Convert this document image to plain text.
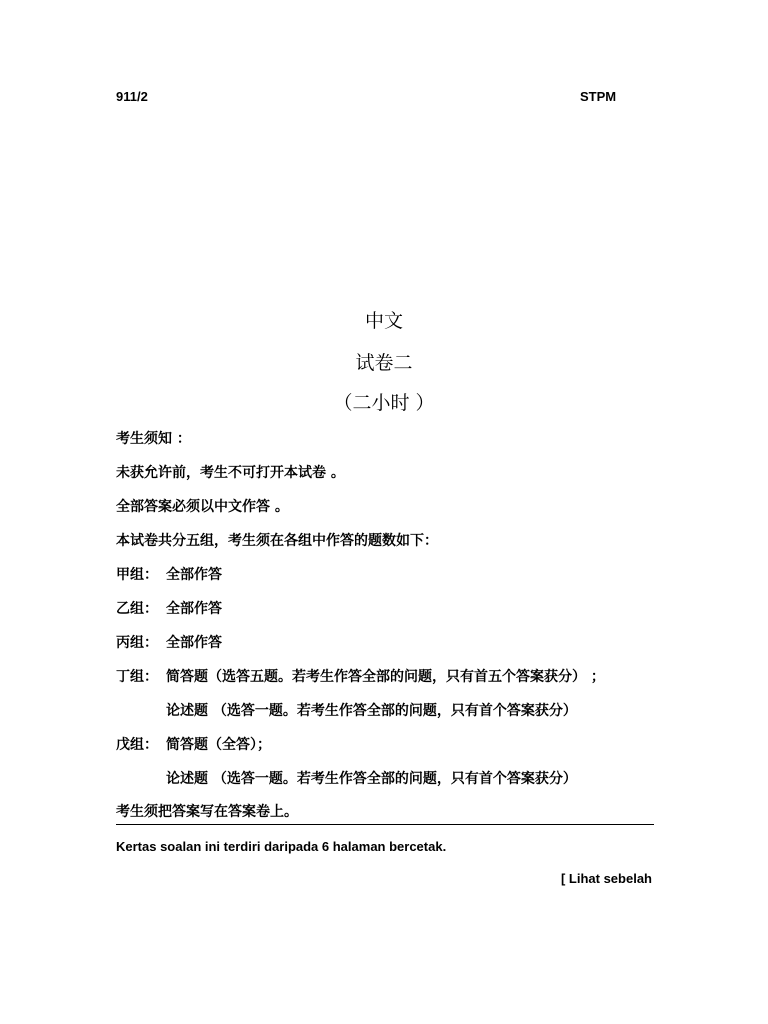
911/2	STPM
中文
试卷二
（二小时 ）
考生须知 ：
未获允许前，考生不可打开本试卷 。
全部答案必须以中文作答 。
本试卷共分五组，考生须在各组中作答的题数如下：
甲组： 全部作答
乙组： 全部作答
丙组： 全部作答
丁组： 简答题（选答五题。若考生作答全部的问题，只有首五个答案获分） ；
论述题 （选答一题。若考生作答全部的问题，只有首个答案获分）
戊组： 简答题（全答）；
论述题 （选答一题。若考生作答全部的问题，只有首个答案获分）
考生须把答案写在答案卷上。
Kertas soalan ini terdiri daripada 6 halaman bercetak.
[ Lihat sebelah
